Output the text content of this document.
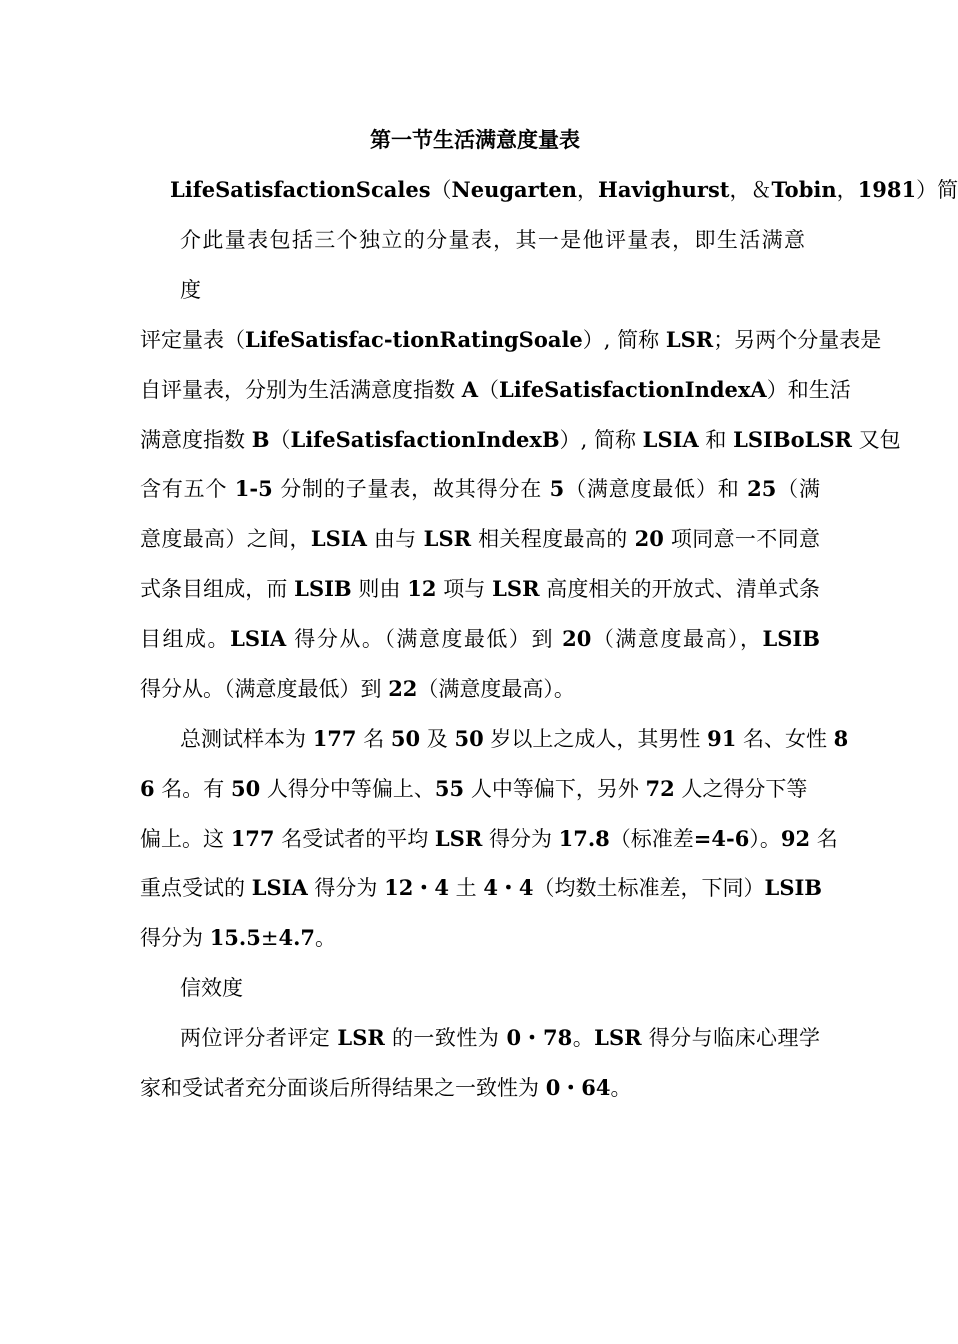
第一节生活满意度量表
LifeSatisfactionScales（Neugarten，Havighurst，＆Tobin，1981）简
介此量表包括三个独立的分量表，其一是他评量表，即生活满意
度
评定量表（LifeSatisfac-tionRatingSoale）, 简称 LSR；另两个分量表是
自评量表，分别为生活满意度指数 A（LifeSatisfactionIndexA）和生活
满意度指数 B（LifeSatisfactionIndexB）, 简称 LSIA 和 LSIBoLSR 又包
含有五个 1-5 分制的子量表，故其得分在 5（满意度最低）和 25（满
意度最高）之间，LSIA 由与 LSR 相关程度最高的 20 项同意一不同意
式条目组成，而 LSIB 则由 12 项与 LSR 高度相关的开放式、清单式条
目组成。LSIA 得分从。（满意度最低）到 20（满意度最高），LSIB
得分从。（满意度最低）到 22（满意度最高）。
总测试样本为 177 名 50 及 50 岁以上之成人，其男性 91 名、女性 8
6 名。有 50 人得分中等偏上、55 人中等偏下，另外 72 人之得分下等
偏上。这 177 名受试者的平均 LSR 得分为 17.8（标准差=4-6）。92 名
重点受试的 LSIA 得分为 12・4 土 4・4（均数土标准差，下同）LSIB
得分为 15.5±4.7。
信效度
两位评分者评定 LSR 的一致性为 0・78。LSR 得分与临床心理学
家和受试者充分面谈后所得结果之一致性为 0・64。
